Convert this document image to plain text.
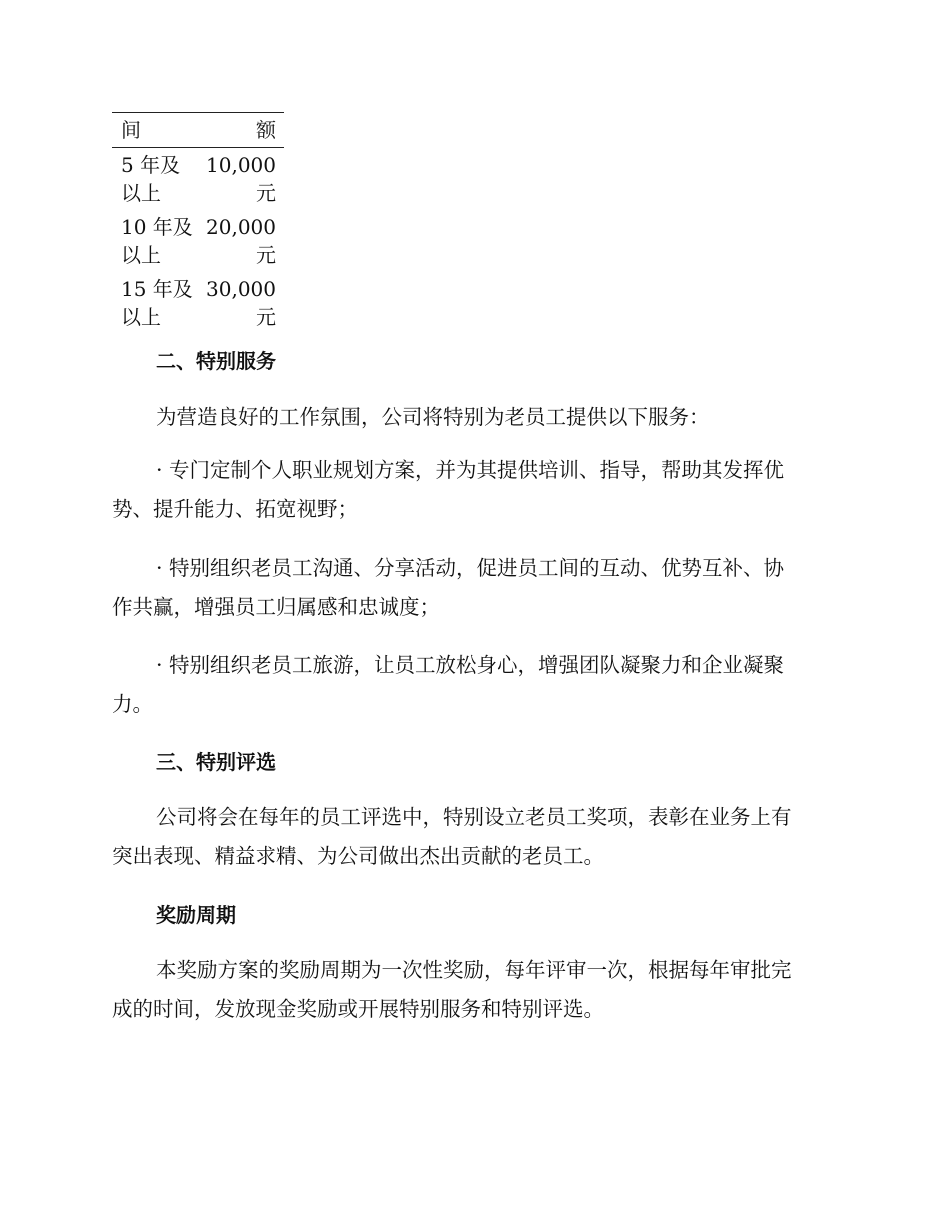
间	额

5 年及
以上	10,000
元

10 年及
以上	20,000
元

15 年及
以上	30,000
元
二、特别服务
为营造良好的工作氛围，公司将特别为老员工提供以下服务：
· 专门定制个人职业规划方案，并为其提供培训、指导，帮助其发挥优
势、提升能力、拓宽视野；
· 特别组织老员工沟通、分享活动，促进员工间的互动、优势互补、协
作共赢，增强员工归属感和忠诚度；
· 特别组织老员工旅游，让员工放松身心，增强团队凝聚力和企业凝聚
力。
三、特别评选
公司将会在每年的员工评选中，特别设立老员工奖项，表彰在业务上有
突出表现、精益求精、为公司做出杰出贡献的老员工。
奖励周期
本奖励方案的奖励周期为一次性奖励，每年评审一次，根据每年审批完
成的时间，发放现金奖励或开展特别服务和特别评选。
